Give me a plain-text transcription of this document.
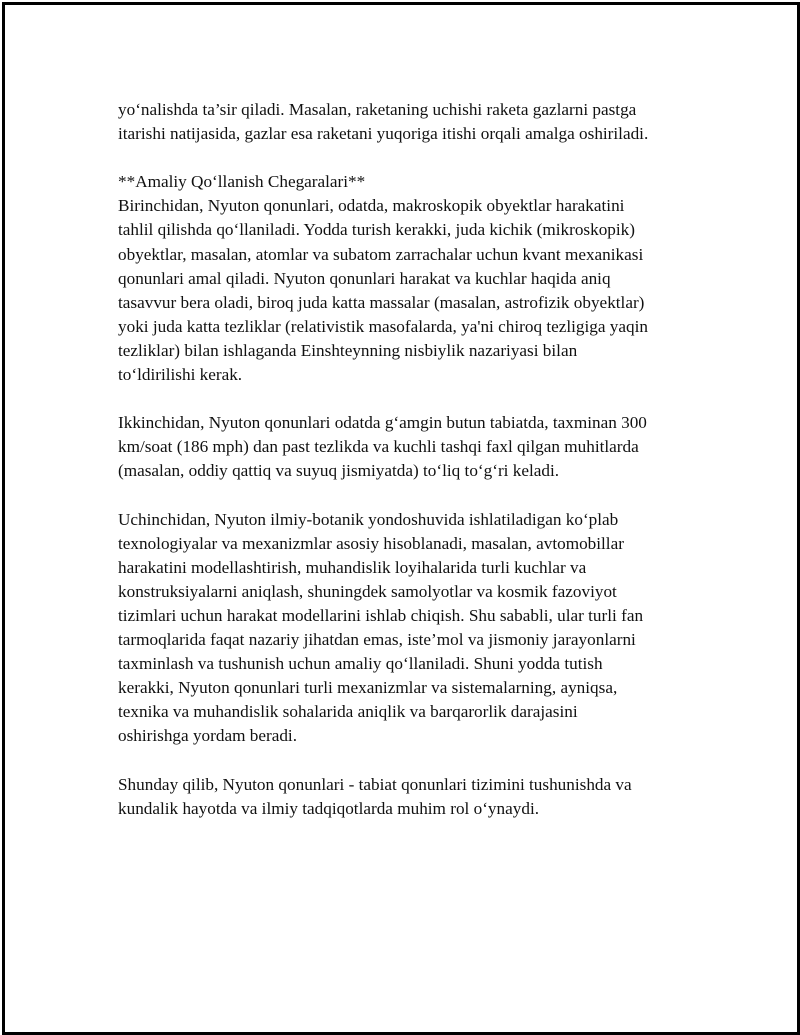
yo‘nalishda ta’sir qiladi. Masalan, raketaning uchishi raketa gazlarni pastga
itarishi natijasida, gazlar esa raketani yuqoriga itishi orqali amalga oshiriladi.

**Amaliy Qo‘llanish Chegaralari**
Birinchidan, Nyuton qonunlari, odatda, makroskopik obyektlar harakatini
tahlil qilishda qo‘llaniladi. Yodda turish kerakki, juda kichik (mikroskopik)
obyektlar, masalan, atomlar va subatom zarrachalar uchun kvant mexanikasi
qonunlari amal qiladi. Nyuton qonunlari harakat va kuchlar haqida aniq
tasavvur bera oladi, biroq juda katta massalar (masalan, astrofizik obyektlar)
yoki juda katta tezliklar (relativistik masofalarda, ya'ni chiroq tezligiga yaqin
tezliklar) bilan ishlaganda Einshteynning nisbiylik nazariyasi bilan
to‘ldirilishi kerak.

Ikkinchidan, Nyuton qonunlari odatda g‘amgin butun tabiatda, taxminan 300
km/soat (186 mph) dan past tezlikda va kuchli tashqi faxl qilgan muhitlarda
(masalan, oddiy qattiq va suyuq jismiyatda) to‘liq to‘g‘ri keladi.

Uchinchidan, Nyuton ilmiy-botanik yondoshuvida ishlatiladigan ko‘plab
texnologiyalar va mexanizmlar asosiy hisoblanadi, masalan, avtomobillar
harakatini modellashtirish, muhandislik loyihalarida turli kuchlar va
konstruksiyalarni aniqlash, shuningdek samolyotlar va kosmik fazoviyot
tizimlari uchun harakat modellarini ishlab chiqish. Shu sababli, ular turli fan
tarmoqlarida faqat nazariy jihatdan emas, iste’mol va jismoniy jarayonlarni
taxminlash va tushunish uchun amaliy qo‘llaniladi. Shuni yodda tutish
kerakki, Nyuton qonunlari turli mexanizmlar va sistemalarning, ayniqsa,
texnika va muhandislik sohalarida aniqlik va barqarorlik darajasini
oshirishga yordam beradi.

Shunday qilib, Nyuton qonunlari - tabiat qonunlari tizimini tushunishda va
kundalik hayotda va ilmiy tadqiqotlarda muhim rol o‘ynaydi.
